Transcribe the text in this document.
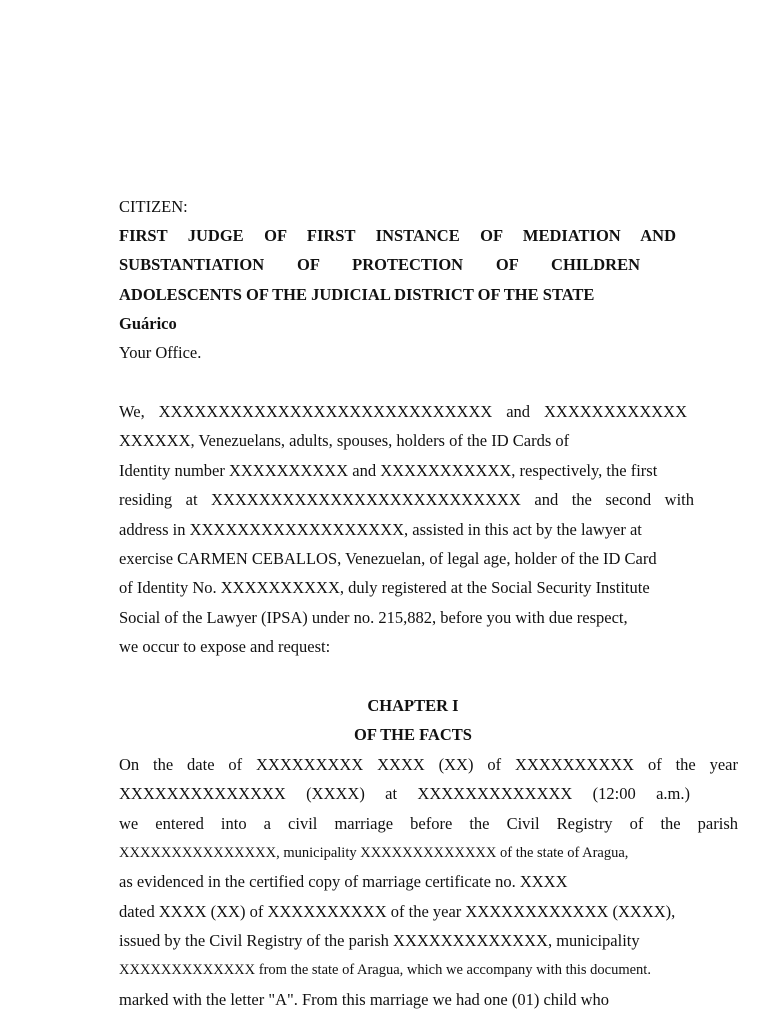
CITIZEN:
FIRST JUDGE OF FIRST INSTANCE OF MEDIATION AND
SUBSTANTIATION OF PROTECTION OF CHILDREN
ADOLESCENTS OF THE JUDICIAL DISTRICT OF THE STATE
Guárico
Your Office.
We, XXXXXXXXXXXXXXXXXXXXXXXXXXXX and XXXXXXXXXXXX
XXXXXX, Venezuelans, adults, spouses, holders of the ID Cards of
Identity number XXXXXXXXXX and XXXXXXXXXXX, respectively, the first
residing at XXXXXXXXXXXXXXXXXXXXXXXXXX and the second with
address in XXXXXXXXXXXXXXXXXX, assisted in this act by the lawyer at
exercise CARMEN CEBALLOS, Venezuelan, of legal age, holder of the ID Card
of Identity No. XXXXXXXXXX, duly registered at the Social Security Institute
Social of the Lawyer (IPSA) under no. 215,882, before you with due respect,
we occur to expose and request:
CHAPTER I
OF THE FACTS
On the date of XXXXXXXXX XXXX (XX) of XXXXXXXXXX of the year
XXXXXXXXXXXXXX (XXXX) at XXXXXXXXXXXXX (12:00 a.m.)
we entered into a civil marriage before the Civil Registry of the parish
XXXXXXXXXXXXXXX, municipality XXXXXXXXXXXXX of the state of Aragua,
as evidenced in the certified copy of marriage certificate no. XXXX
dated XXXX (XX) of XXXXXXXXXX of the year XXXXXXXXXXXX (XXXX),
issued by the Civil Registry of the parish XXXXXXXXXXXXX, municipality
XXXXXXXXXXXXX from the state of Aragua, which we accompany with this document.
marked with the letter "A". From this marriage we had one (01) child who
